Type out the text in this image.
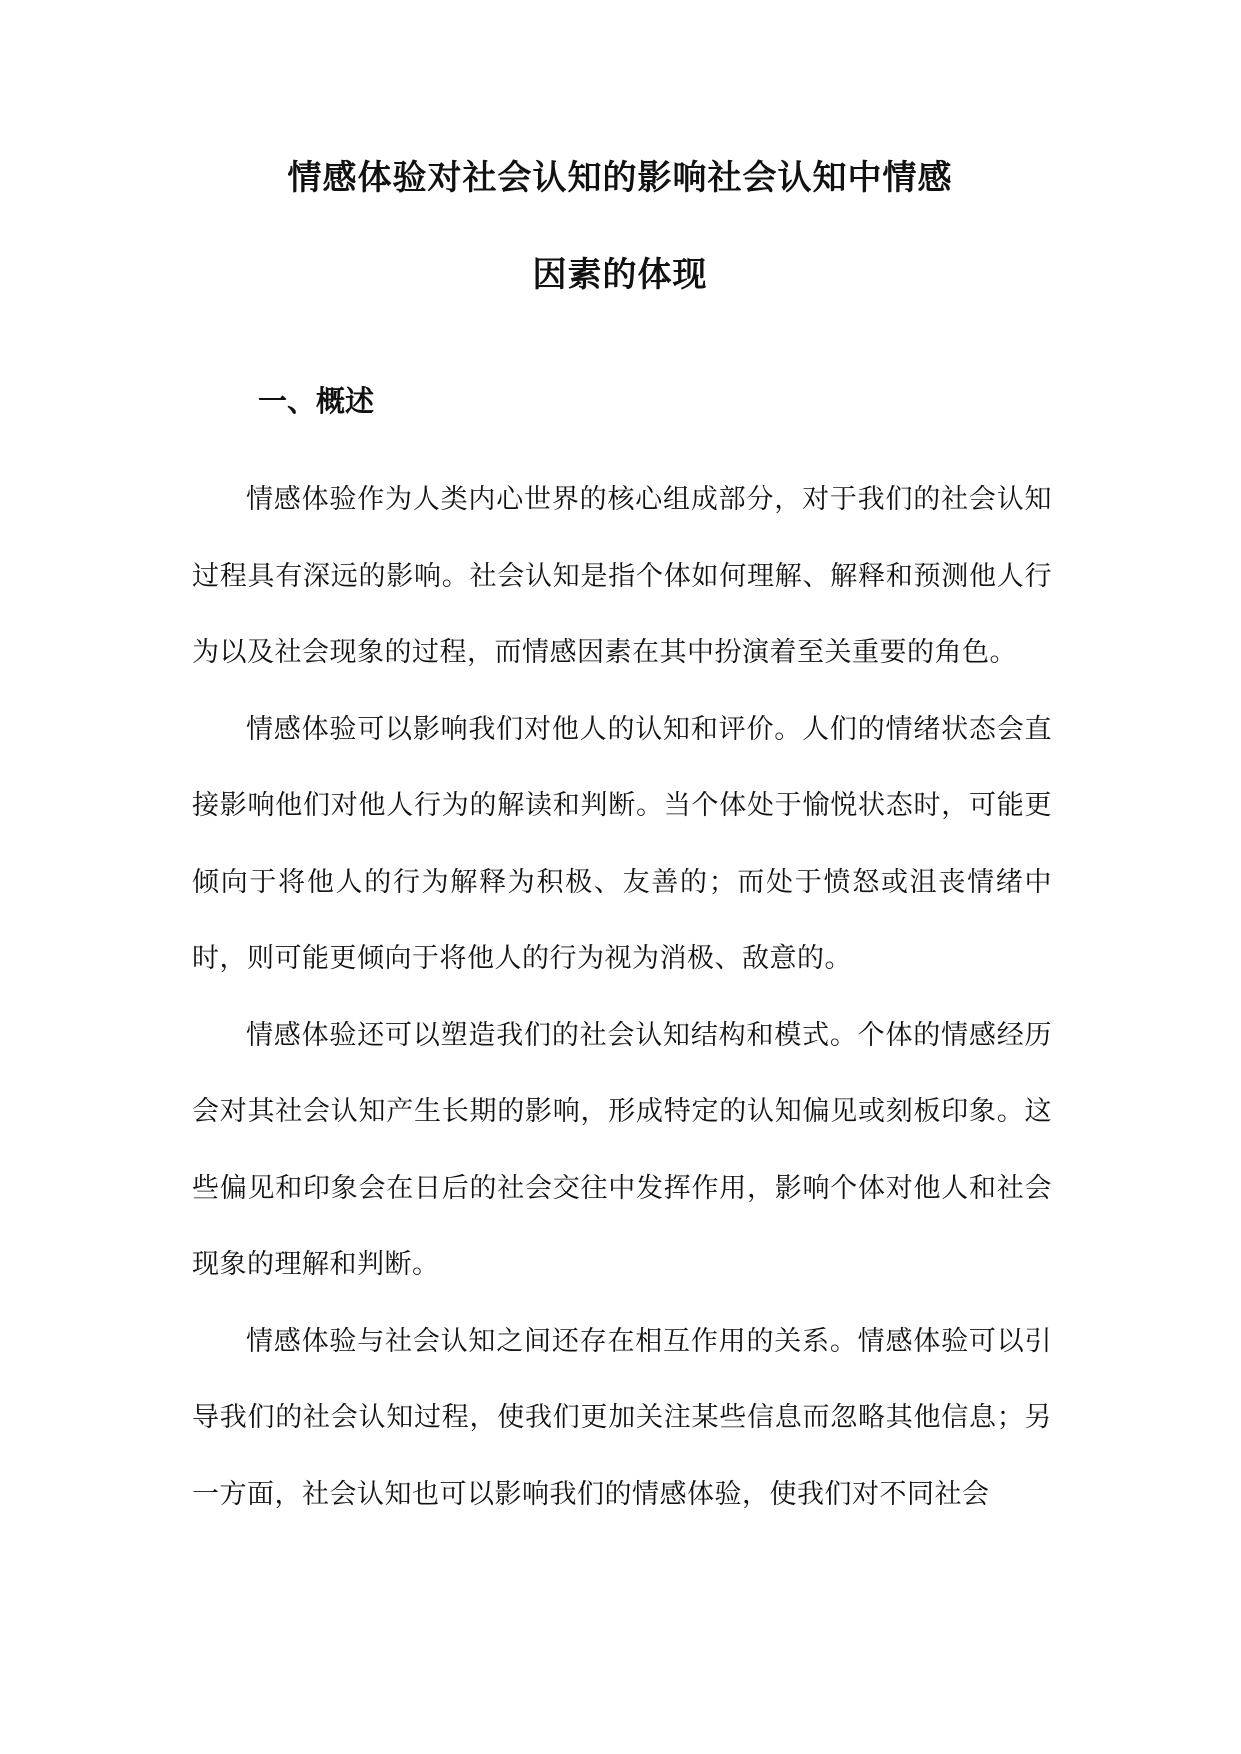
情感体验对社会认知的影响社会认知中情感
因素的体现
一、概述

情感体验作为人类内心世界的核心组成部分，对于我们的社会认知过程具有深远的影响。社会认知是指个体如何理解、解释和预测他人行为以及社会现象的过程，而情感因素在其中扮演着至关重要的角色。

情感体验可以影响我们对他人的认知和评价。人们的情绪状态会直接影响他们对他人行为的解读和判断。当个体处于愉悦状态时，可能更倾向于将他人的行为解释为积极、友善的；而处于愤怒或沮丧情绪中时，则可能更倾向于将他人的行为视为消极、敌意的。

情感体验还可以塑造我们的社会认知结构和模式。个体的情感经历会对其社会认知产生长期的影响，形成特定的认知偏见或刻板印象。这些偏见和印象会在日后的社会交往中发挥作用，影响个体对他人和社会现象的理解和判断。

情感体验与社会认知之间还存在相互作用的关系。情感体验可以引导我们的社会认知过程，使我们更加关注某些信息而忽略其他信息；另一方面，社会认知也可以影响我们的情感体验，使我们对不同社会
